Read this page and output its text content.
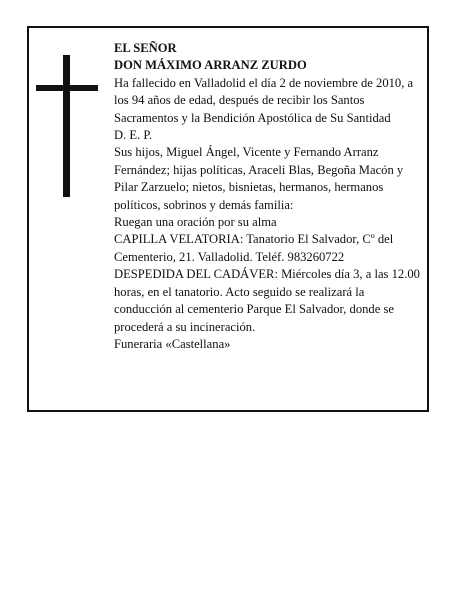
EL SEÑOR

DON MÁXIMO ARRANZ ZURDO

Ha fallecido en Valladolid el día 2 de noviembre de 2010, a los 94 años de edad, después de recibir los Santos Sacramentos y la Bendición Apostólica de Su Santidad

D. E. P.

Sus hijos, Miguel Ángel, Vicente y Fernando Arranz Fernández; hijas políticas, Araceli Blas, Begoña Macón y Pilar Zarzuelo; nietos, bisnietas, hermanos, hermanos políticos, sobrinos y demás familia:

Ruegan una oración por su alma

CAPILLA VELATORIA: Tanatorio El Salvador, Cº del Cementerio, 21. Valladolid. Teléf. 983260722

DESPEDIDA DEL CADÁVER: Miércoles día 3, a las 12.00 horas, en el tanatorio. Acto seguido se realizará la conducción al cementerio Parque El Salvador, donde se procederá a su incineración.

Funeraria «Castellana»
